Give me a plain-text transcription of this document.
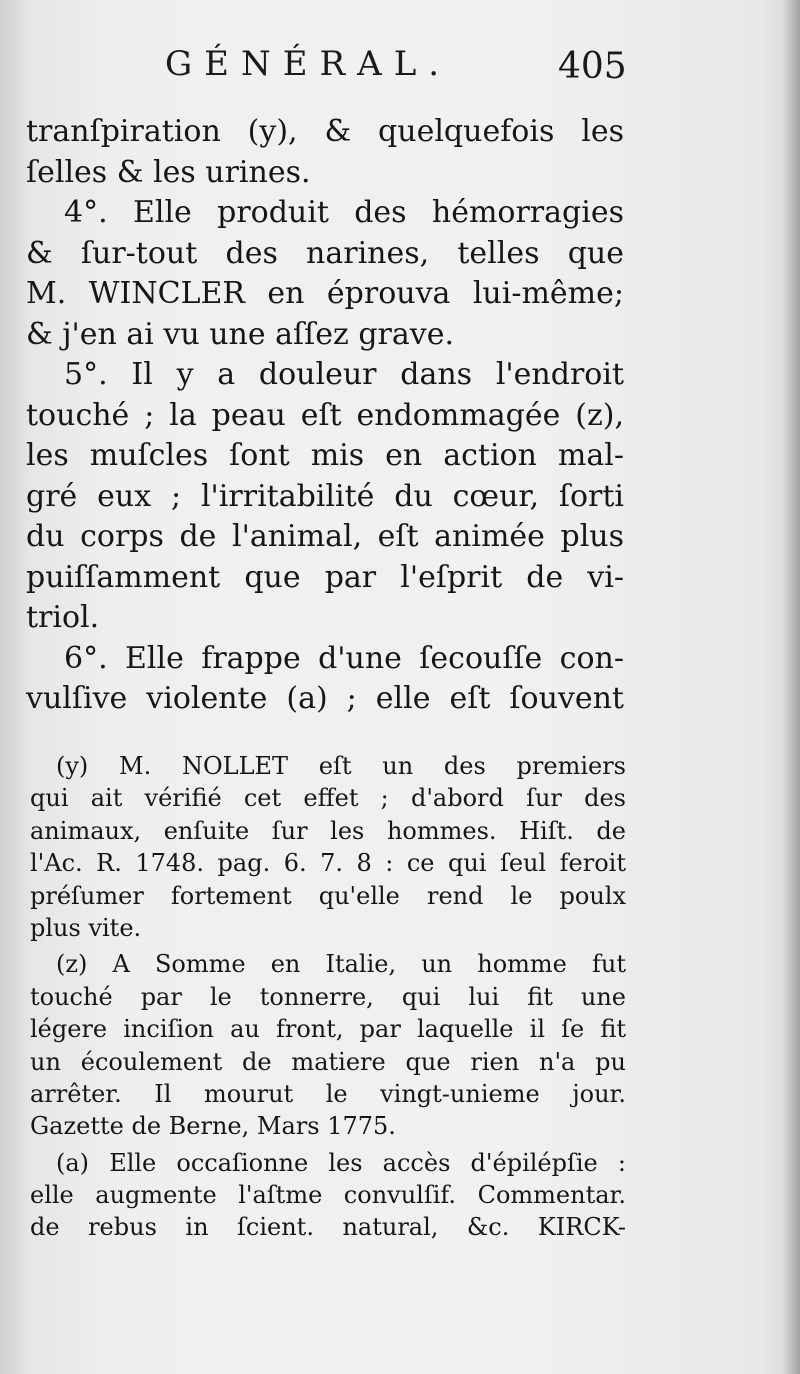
GÉNÉRAL.	405
tranſpiration (y), & quelquefois les
ſelles & les urines.
4°. Elle produit des hémorragies
& ſur-tout des narines, telles que
M. WINCLER en éprouva lui-même;
& j'en ai vu une aſſez grave.
5°. Il y a douleur dans l'endroit
touché ; la peau eſt endommagée (z),
les muſcles ſont mis en action mal-
gré eux ; l'irritabilité du cœur, ſorti
du corps de l'animal, eſt animée plus
puiſſamment que par l'eſprit de vi-
triol.
6°. Elle frappe d'une ſecouſſe con-
vulſive violente (a) ; elle eſt ſouvent
(y) M. NOLLET eſt un des premiers
qui ait vérifié cet effet ; d'abord ſur des
animaux, enſuite ſur les hommes. Hiſt. de
l'Ac. R. 1748. pag. 6. 7. 8 : ce qui ſeul feroit
préſumer fortement qu'elle rend le poulx
plus vite.
(z) A Somme en Italie, un homme fut
touché par le tonnerre, qui lui fit une
légere inciſion au front, par laquelle il ſe fit
un écoulement de matiere que rien n'a pu
arrêter. Il mourut le vingt-unieme jour.
Gazette de Berne, Mars 1775.
(a) Elle occaſionne les accès d'épilépſie :
elle augmente l'aſtme convulſif. Commentar.
de rebus in ſcient. natural, &c. KIRCK-
